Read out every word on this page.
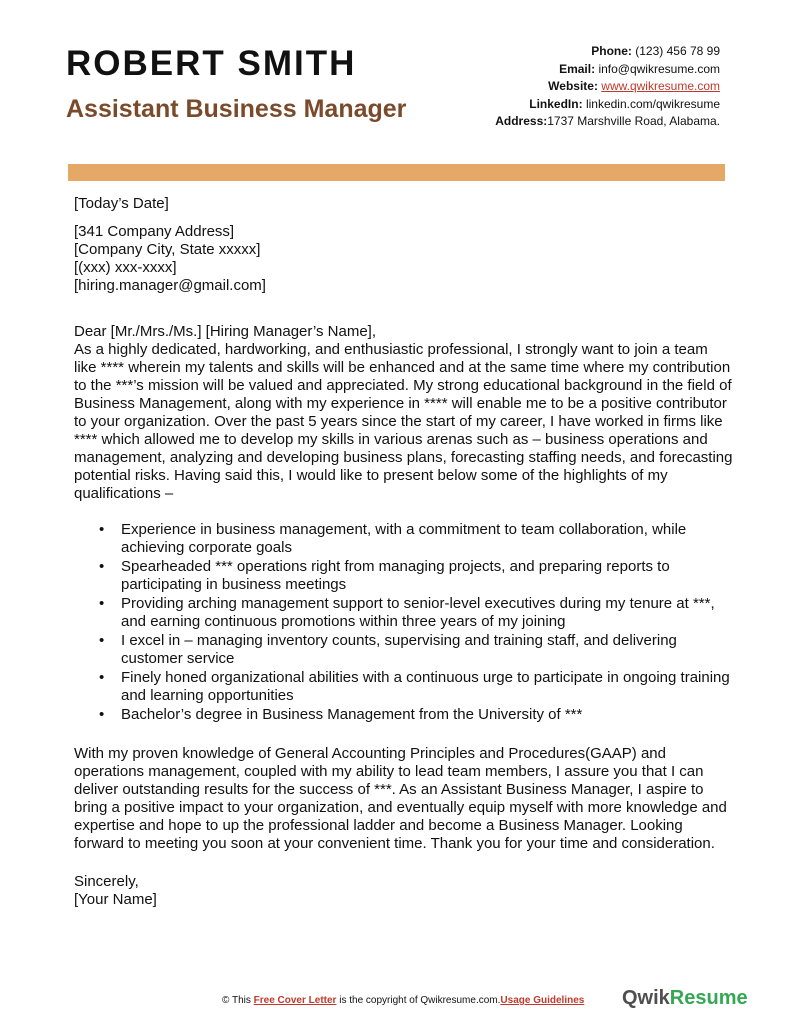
ROBERT SMITH
Assistant Business Manager
Phone: (123) 456 78 99
Email: info@qwikresume.com
Website: www.qwikresume.com
LinkedIn: linkedin.com/qwikresume
Address:1737 Marshville Road, Alabama.

[Today’s Date]

[341 Company Address]

[Company City, State xxxxx]

[(xxx) xxx-xxxx]

[hiring.manager@gmail.com]

Dear [Mr./Mrs./Ms.] [Hiring Manager’s Name],

As a highly dedicated, hardworking, and enthusiastic professional, I strongly want to join a team like **** wherein my talents and skills will be enhanced and at the same time where my contribution to the ***’s mission will be valued and appreciated. My strong educational background in the field of Business Management, along with my experience in **** will enable me to be a positive contributor to your organization. Over the past 5 years since the start of my career, I have worked in firms like **** which allowed me to develop my skills in various arenas such as – business operations and management, analyzing and developing business plans, forecasting staffing needs, and forecasting potential risks. Having said this, I would like to present below some of the highlights of my qualifications –

• Experience in business management, with a commitment to team collaboration, while achieving corporate goals
• Spearheaded *** operations right from managing projects, and preparing reports to participating in business meetings
• Providing arching management support to senior-level executives during my tenure at ***, and earning continuous promotions within three years of my joining
• I excel in – managing inventory counts, supervising and training staff, and delivering customer service
• Finely honed organizational abilities with a continuous urge to participate in ongoing training and learning opportunities
• Bachelor’s degree in Business Management from the University of ***

With my proven knowledge of General Accounting Principles and Procedures(GAAP) and operations management, coupled with my ability to lead team members, I assure you that I can deliver outstanding results for the success of ***. As an Assistant Business Manager, I aspire to bring a positive impact to your organization, and eventually equip myself with more knowledge and expertise and hope to up the professional ladder and become a Business Manager. Looking forward to meeting you soon at your convenient time. Thank you for your time and consideration.

Sincerely,

[Your Name]

© This Free Cover Letter is the copyright of Qwikresume.com.Usage Guidelines QwikResume
